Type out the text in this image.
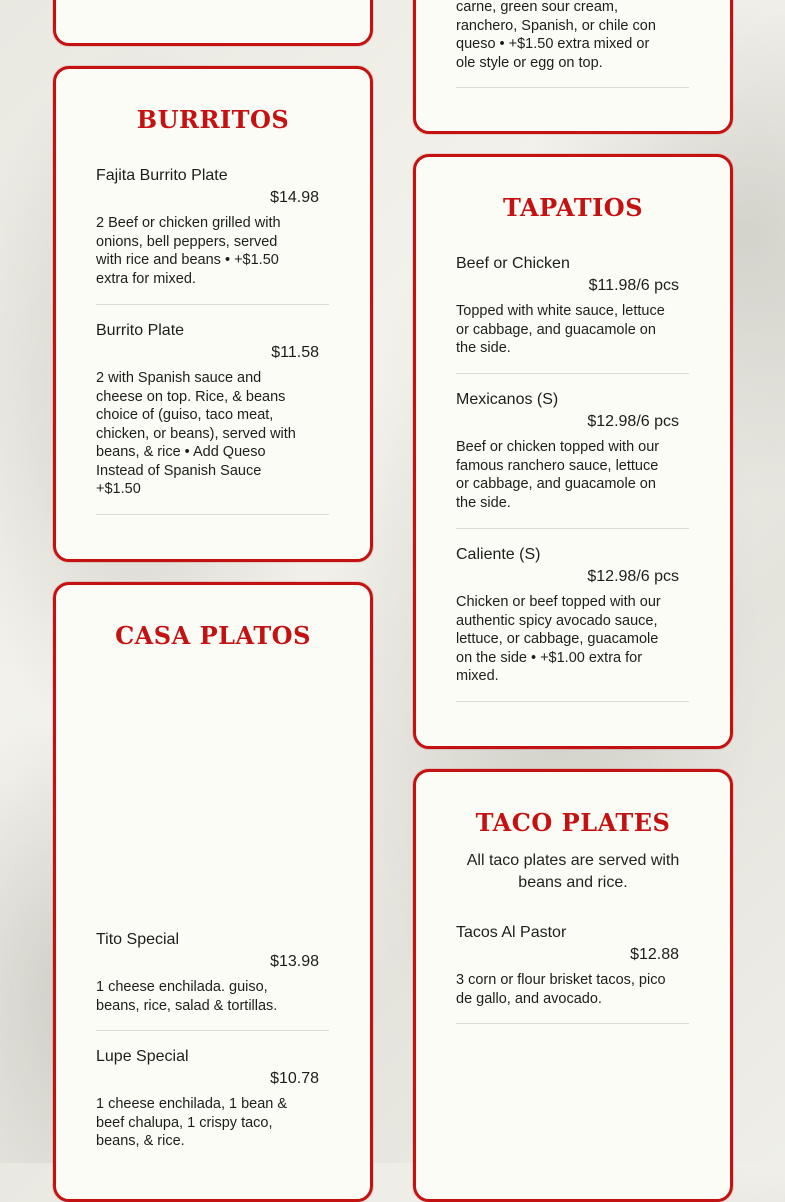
carne, green sour cream, ranchero, Spanish, or chile con queso • +$1.50 extra mixed or ole style or egg on top.
BURRITOS
Fajita Burrito Plate
$14.98
2 Beef or chicken grilled with onions, bell peppers, served with rice and beans • +$1.50 extra for mixed.
Burrito Plate
$11.58
2 with Spanish sauce and cheese on top. Rice, & beans choice of (guiso, taco meat, chicken, or beans), served with beans, & rice • Add Queso Instead of Spanish Sauce +$1.50
TAPATIOS
Beef or Chicken
$11.98/6 pcs
Topped with white sauce, lettuce or cabbage, and guacamole on the side.
Mexicanos (S)
$12.98/6 pcs
Beef or chicken topped with our famous ranchero sauce, lettuce or cabbage, and guacamole on the side.
Caliente (S)
$12.98/6 pcs
Chicken or beef topped with our authentic spicy avocado sauce, lettuce, or cabbage, guacamole on the side • +$1.00 extra for mixed.
CASA PLATOS
Tito Special
$13.98
1 cheese enchilada. guiso, beans, rice, salad & tortillas.
Lupe Special
$10.78
1 cheese enchilada, 1 bean & beef chalupa, 1 crispy taco, beans, & rice.
TACO PLATES
All taco plates are served with beans and rice.
Tacos Al Pastor
$12.88
3 corn or flour brisket tacos, pico de gallo, and avocado.
